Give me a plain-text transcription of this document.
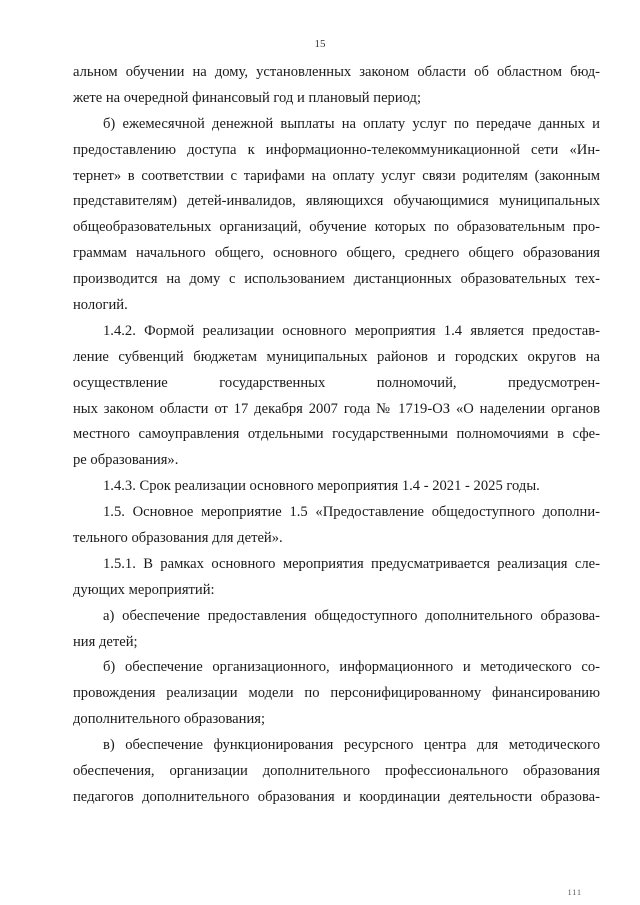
15
альном обучении на дому, установленных законом области об областном бюд-
жете на очередной финансовый год и плановый период;
б) ежемесячной денежной выплаты на оплату услуг по передаче данных и
предоставлению доступа к информационно-телекоммуникационной сети «Ин-
тернет» в соответствии с тарифами на оплату услуг связи родителям (законным
представителям) детей-инвалидов, являющихся обучающимися муниципальных
общеобразовательных организаций, обучение которых по образовательным про-
граммам начального общего, основного общего, среднего общего образования
производится на дому с использованием дистанционных образовательных тех-
нологий.
1.4.2. Формой реализации основного мероприятия 1.4 является предостав-
ление субвенций бюджетам муниципальных районов и городских округов на
осуществление государственных полномочий, предусмотрен-
ных законом области от 17 декабря 2007 года № 1719-ОЗ «О наделении органов
местного самоуправления отдельными государственными полномочиями в сфе-
ре образования».
1.4.3. Срок реализации основного мероприятия 1.4 - 2021 - 2025 годы.
1.5. Основное мероприятие 1.5 «Предоставление общедоступного дополни-
тельного образования для детей».
1.5.1. В рамках основного мероприятия предусматривается реализация сле-
дующих мероприятий:
а) обеспечение предоставления общедоступного дополнительного образова-
ния детей;
б) обеспечение организационного, информационного и методического со-
провождения реализации модели по персонифицированному финансированию
дополнительного образования;
в) обеспечение функционирования ресурсного центра для методического
обеспечения, организации дополнительного профессионального образования
педагогов дополнительного образования и координации деятельности образова-
111
